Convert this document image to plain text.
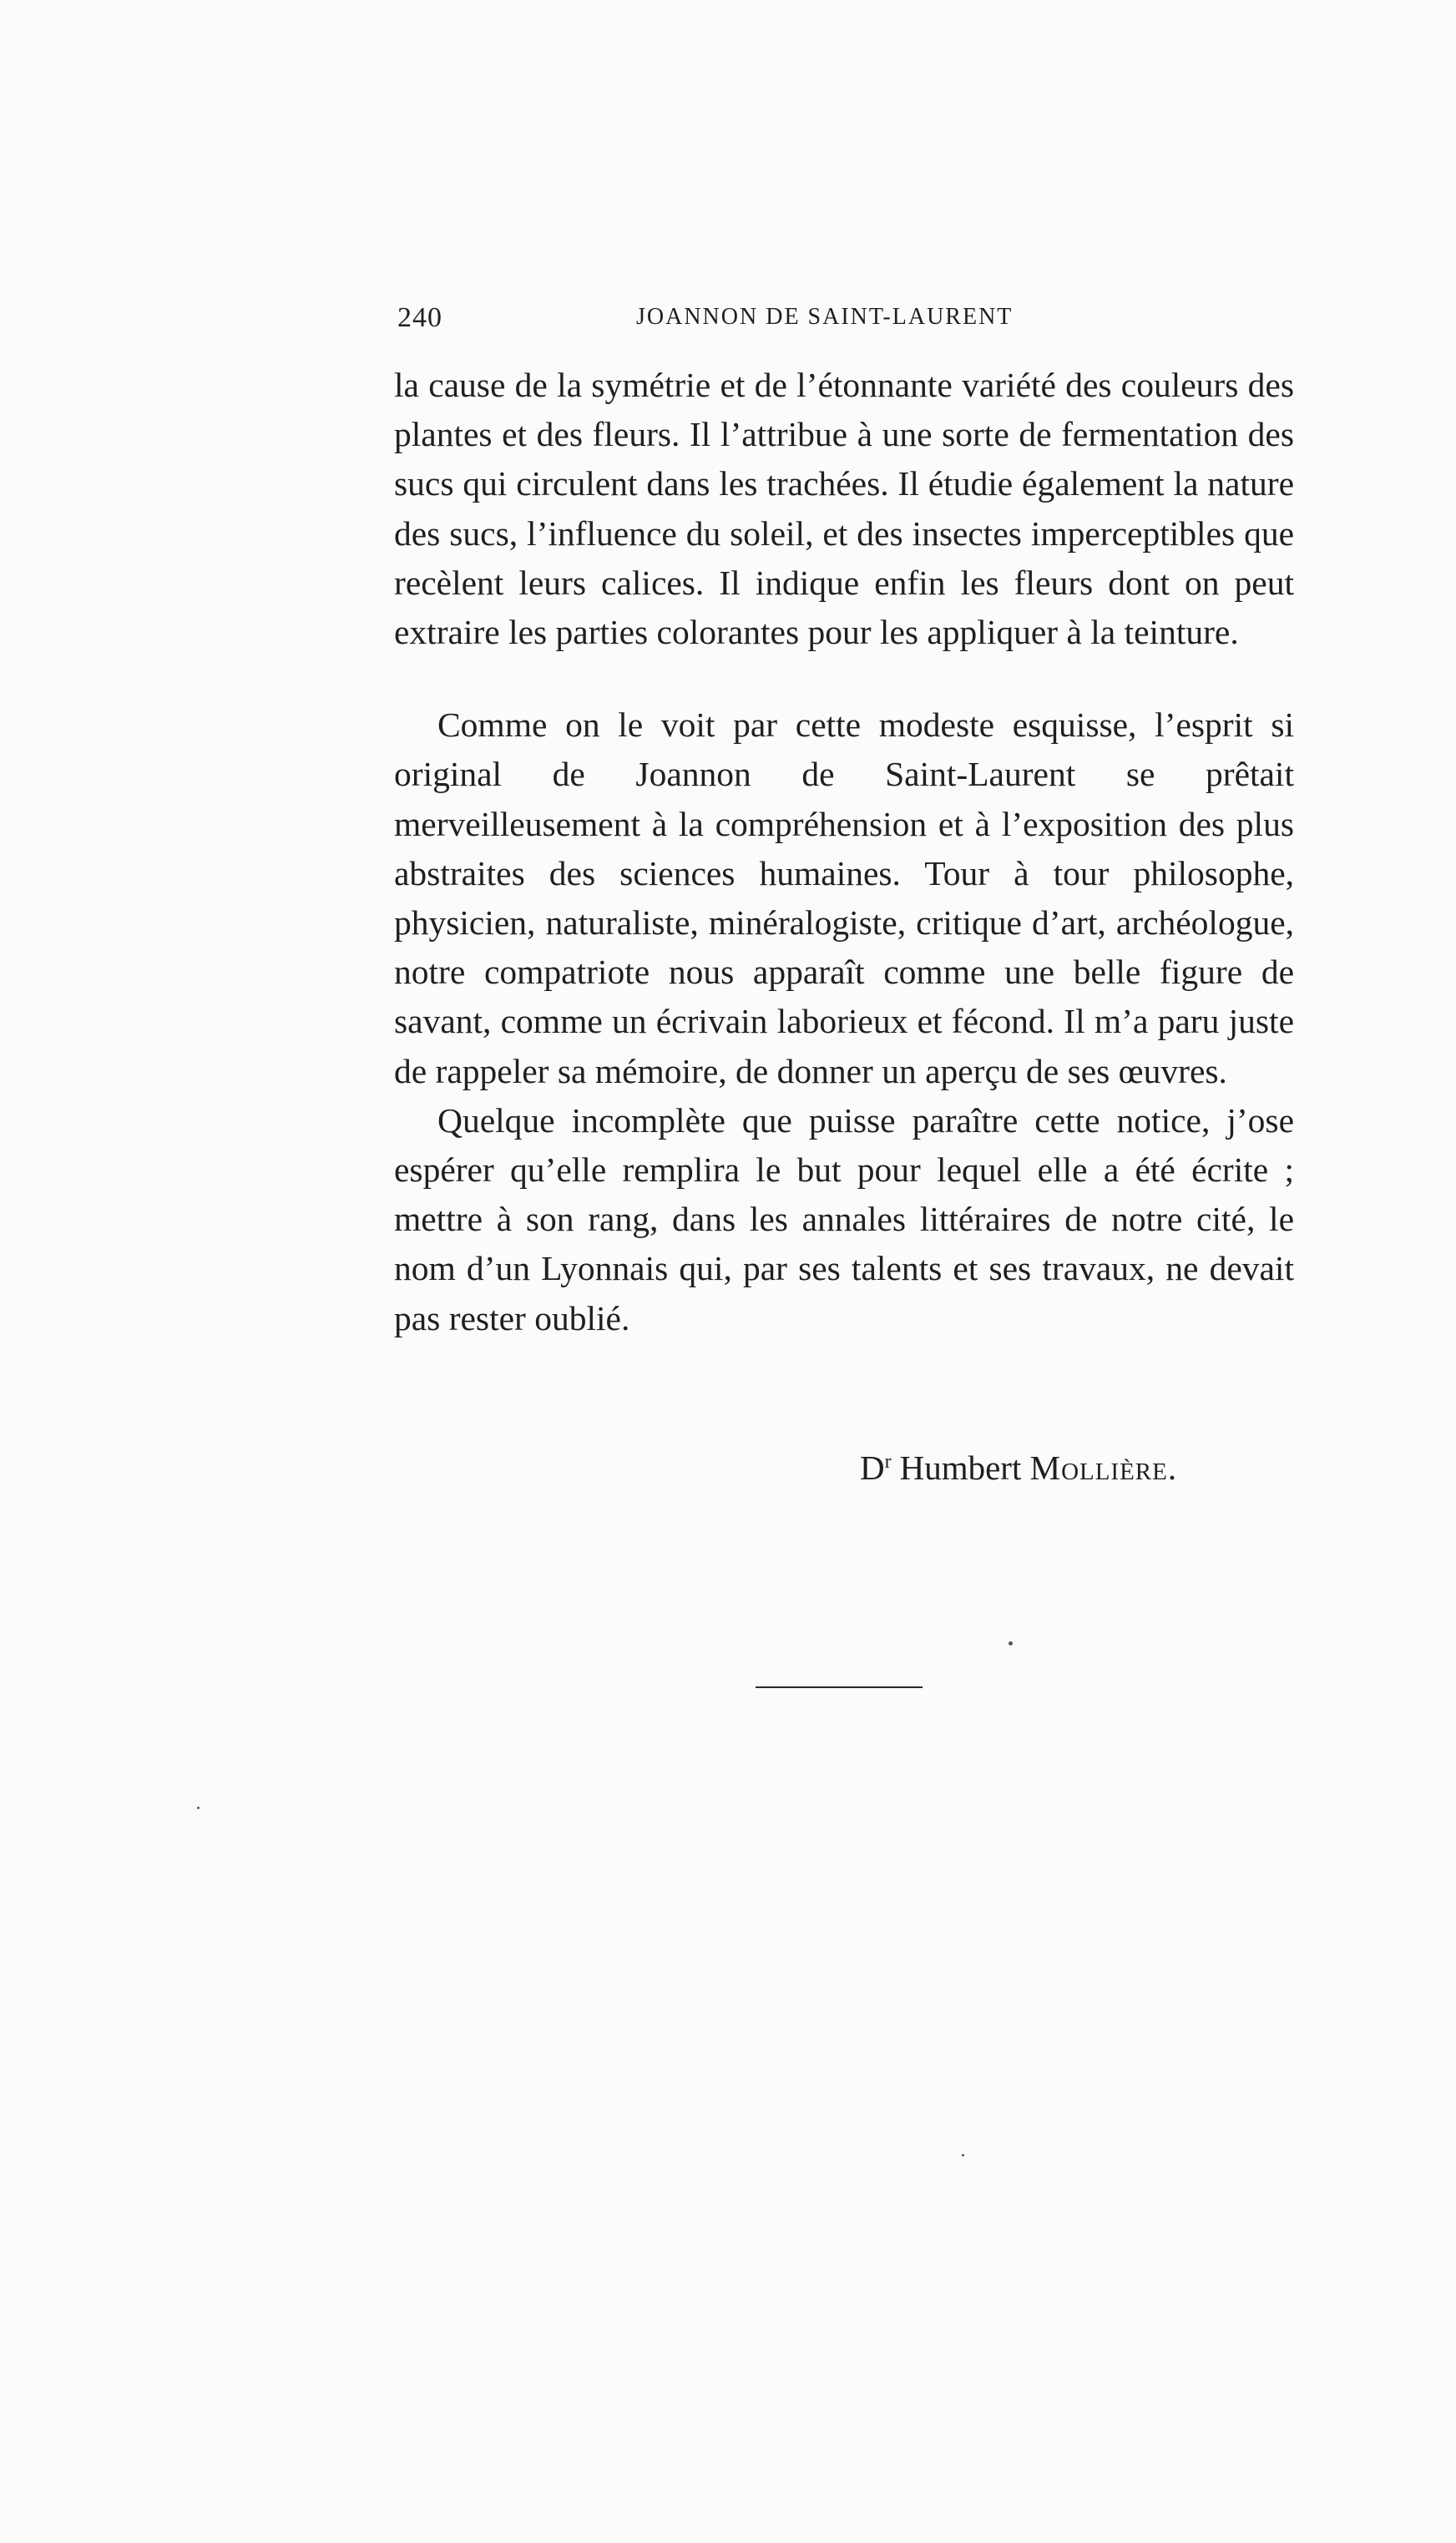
240	JOANNON DE SAINT-LAURENT

la cause de la symétrie et de l’étonnante variété des couleurs des plantes et des fleurs. Il l’attribue à une sorte de fermentation des sucs qui circulent dans les trachées. Il étudie également la nature des sucs, l’influence du soleil, et des insectes imperceptibles que recèlent leurs calices. Il indique enfin les fleurs dont on peut extraire les parties colorantes pour les appliquer à la teinture.

Comme on le voit par cette modeste esquisse, l’esprit si original de Joannon de Saint-Laurent se prêtait merveilleusement à la compréhension et à l’exposition des plus abstraites des sciences humaines. Tour à tour philosophe, physicien, naturaliste, minéralogiste, critique d’art, archéologue, notre compatriote nous apparaît comme une belle figure de savant, comme un écrivain laborieux et fécond. Il m’a paru juste de rappeler sa mémoire, de donner un aperçu de ses œuvres.

Quelque incomplète que puisse paraître cette notice, j’ose espérer qu’elle remplira le but pour lequel elle a été écrite ; mettre à son rang, dans les annales littéraires de notre cité, le nom d’un Lyonnais qui, par ses talents et ses travaux, ne devait pas rester oublié.

$D^r$ Humbert Mollière.
